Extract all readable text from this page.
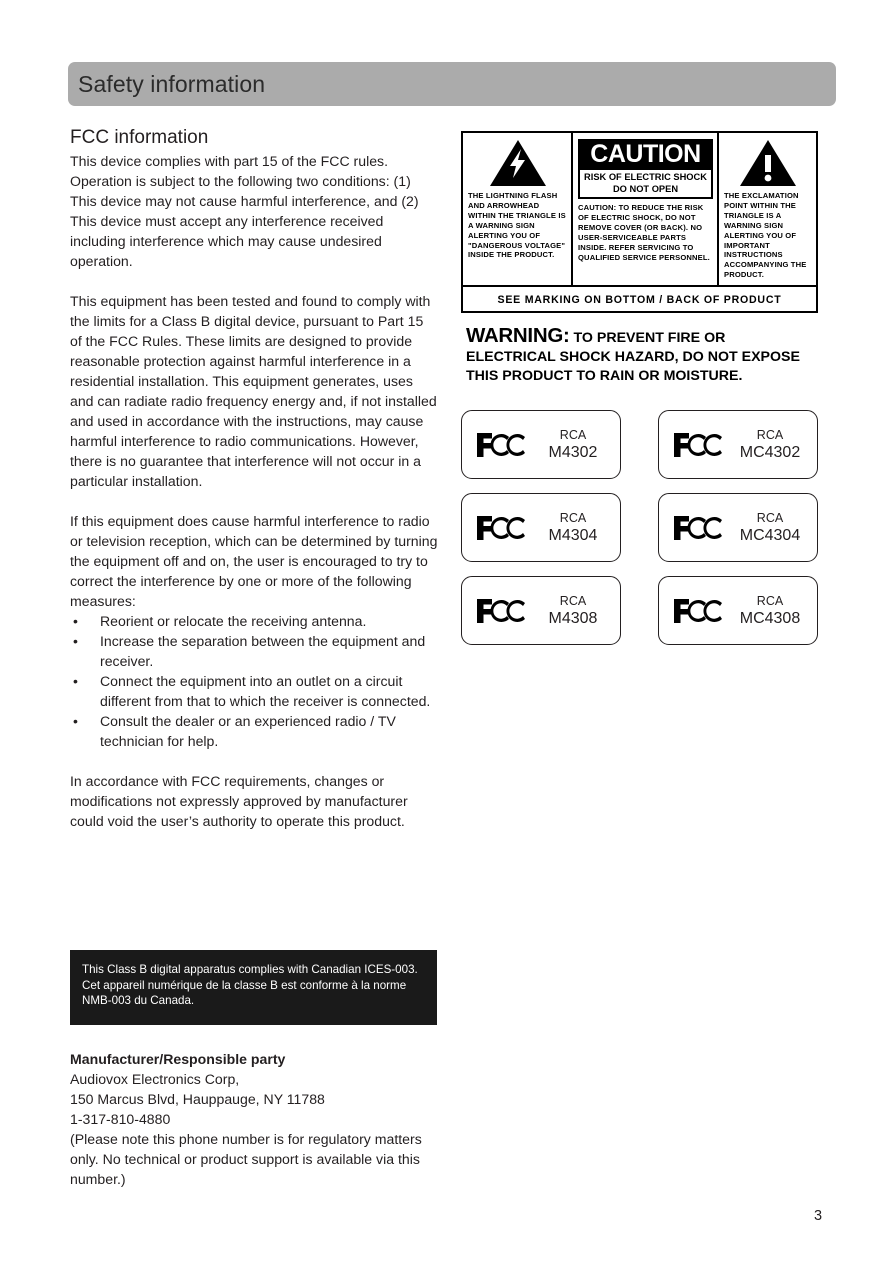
Safety information
FCC information

This device complies with part 15 of the FCC rules. Operation is subject to the following two conditions: (1) This device may not cause harmful interference, and (2) This device must accept any interference received including interference which may cause undesired operation.

This equipment has been tested and found to comply with the limits for a Class B digital device, pursuant to Part 15 of the FCC Rules. These limits are designed to provide reasonable protection against harmful interference in a residential installation. This equipment generates, uses and can radiate radio frequency energy and, if not installed and used in accordance with the instructions, may cause harmful interference to radio communications. However, there is no guarantee that interference will not occur in a particular installation.

If this equipment does cause harmful interference to radio or television reception, which can be determined by turning the equipment off and on, the user is encouraged to try to correct the interference by one or more of the following measures:

• Reorient or relocate the receiving antenna.
• Increase the separation between the equipment and receiver.
• Connect the equipment into an outlet on a circuit different from that to which the receiver is connected.
• Consult the dealer or an experienced radio / TV technician for help.

In accordance with FCC requirements, changes or modifications not expressly approved by manufacturer could void the user’s authority to operate this product.

This Class B digital apparatus complies with Canadian ICES-003.

Cet appareil numérique de la classe B est conforme à la norme NMB-003 du Canada.

Manufacturer/Responsible party

Audiovox Electronics Corp,

150 Marcus Blvd, Hauppauge, NY 11788

1-317-810-4880

(Please note this phone number is for regulatory matters only. No technical or product support is available via this number.)

3

THE LIGHTNING FLASH AND ARROWHEAD WITHIN THE TRIANGLE IS A WARNING SIGN ALERTING YOU OF "DANGEROUS VOLTAGE" INSIDE THE PRODUCT.

CAUTION
RISK OF ELECTRIC SHOCK
DO NOT OPEN

CAUTION: TO REDUCE THE RISK OF ELECTRIC SHOCK, DO NOT REMOVE COVER (OR BACK). NO USER-SERVICEABLE PARTS INSIDE. REFER SERVICING TO QUALIFIED SERVICE PERSONNEL.

THE EXCLAMATION POINT WITHIN THE TRIANGLE IS A WARNING SIGN ALERTING YOU OF IMPORTANT INSTRUCTIONS ACCOMPANYING THE PRODUCT.

SEE MARKING ON BOTTOM / BACK OF PRODUCT

WARNING: TO PREVENT FIRE OR

ELECTRICAL SHOCK HAZARD, DO NOT EXPOSE

THIS PRODUCT TO RAIN OR MOISTURE.

RCA
M4302
RCA
MC4302
RCA
M4304
RCA
MC4304
RCA
M4308
RCA
MC4308
